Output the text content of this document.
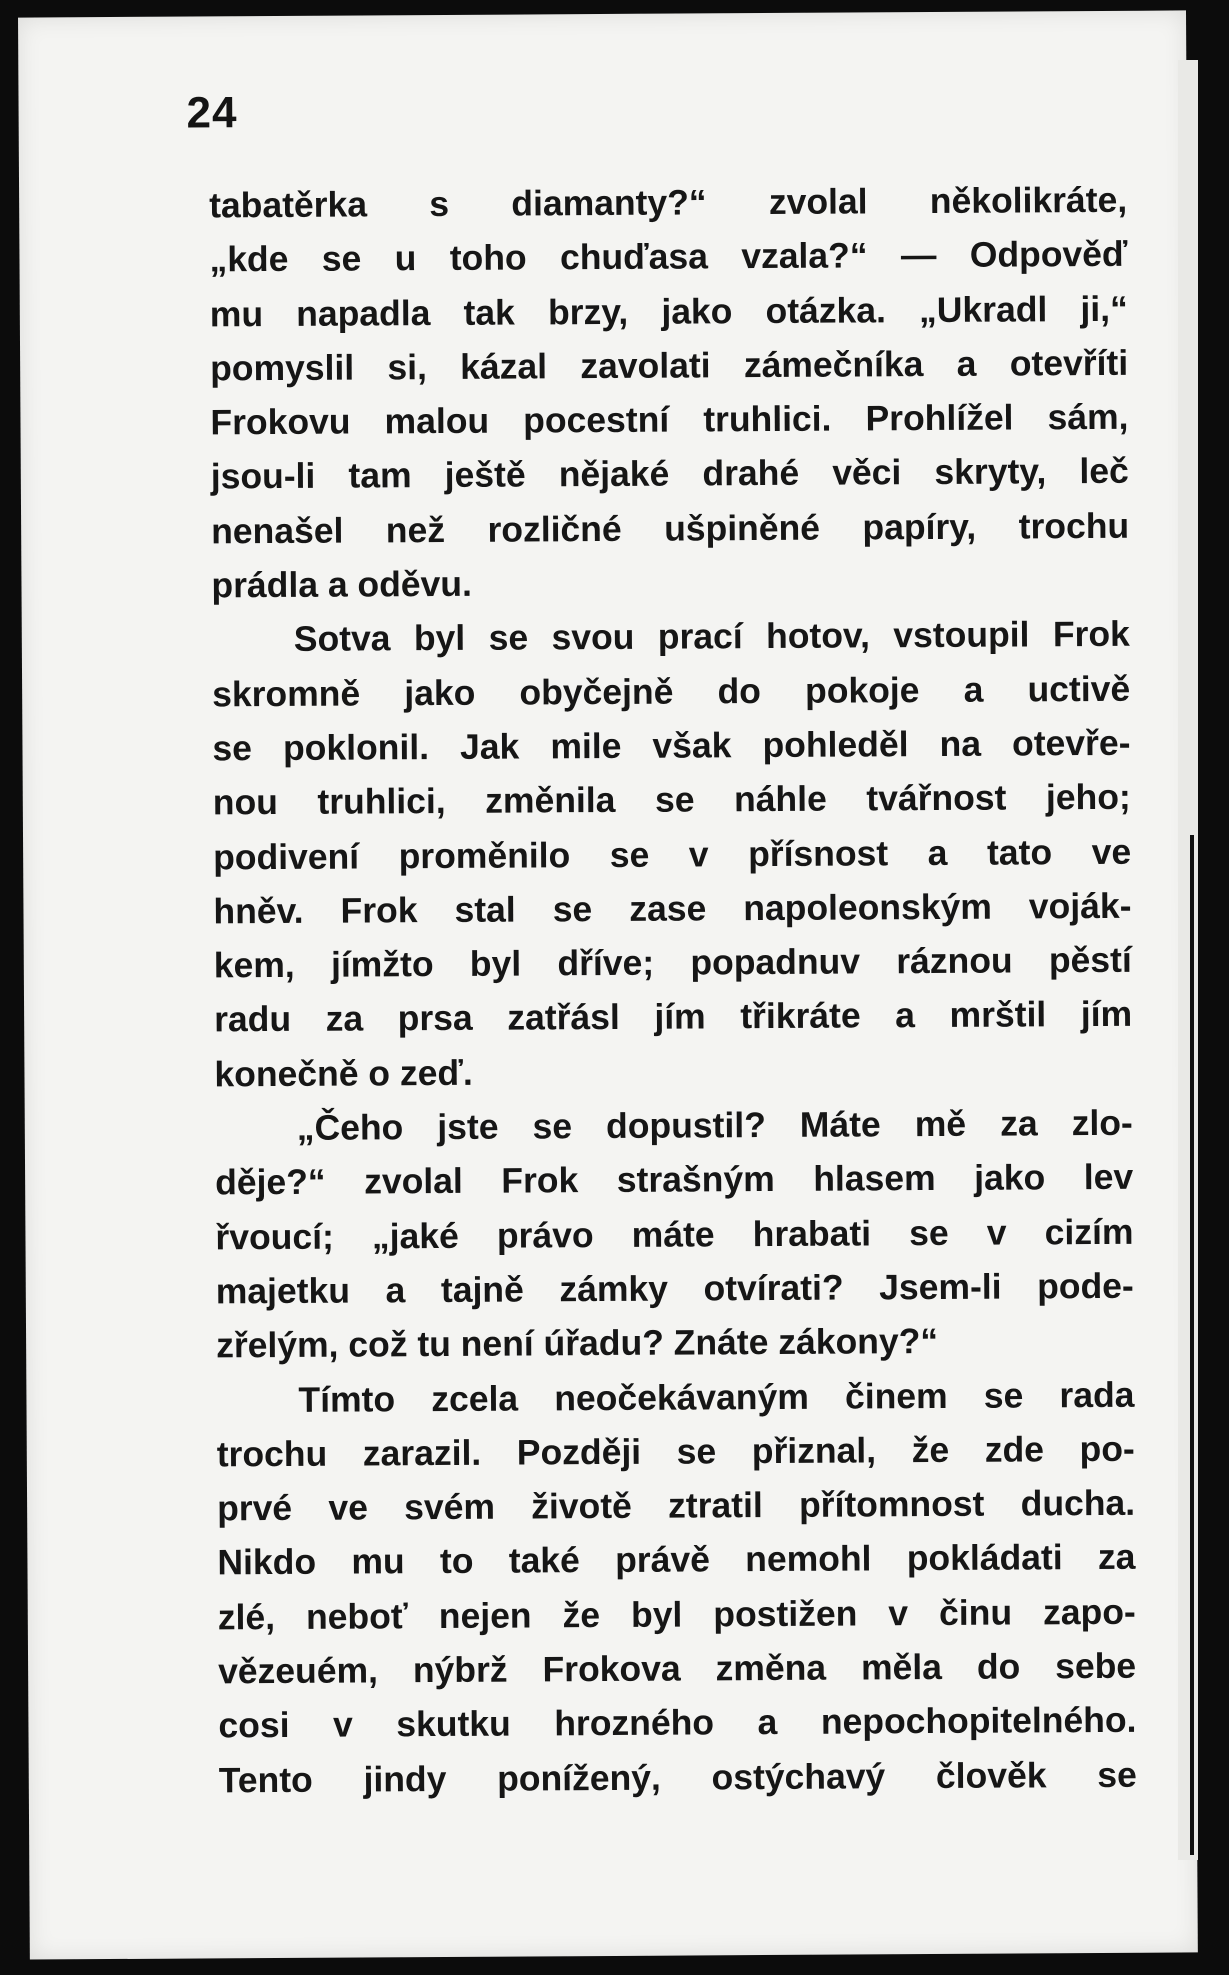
24
tabatěrka s diamanty?“ zvolal několikráte,
„kde se u toho chuďasa vzala?“ — Odpověď
mu napadla tak brzy, jako otázka. „Ukradl ji,“
pomyslil si, kázal zavolati zámečníka a otevříti
Frokovu malou pocestní truhlici. Prohlížel sám,
jsou-li tam ještě nějaké drahé věci skryty, leč
nenašel než rozličné ušpiněné papíry, trochu
prádla a oděvu.
Sotva byl se svou prací hotov, vstoupil Frok
skromně jako obyčejně do pokoje a uctivě
se poklonil. Jak mile však pohleděl na otevře-
nou truhlici, změnila se náhle tvářnost jeho;
podivení proměnilo se v přísnost a tato ve
hněv. Frok stal se zase napoleonským voják-
kem, jímžto byl dříve; popadnuv ráznou pěstí
radu za prsa zatřásl jím třikráte a mrštil jím
konečně o zeď.
„Čeho jste se dopustil? Máte mě za zlo-
děje?“ zvolal Frok strašným hlasem jako lev
řvoucí; „jaké právo máte hrabati se v cizím
majetku a tajně zámky otvírati? Jsem-li pode-
zřelým, což tu není úřadu? Znáte zákony?“
Tímto zcela neočekávaným činem se rada
trochu zarazil. Později se přiznal, že zde po-
prvé ve svém životě ztratil přítomnost ducha.
Nikdo mu to také právě nemohl pokládati za
zlé, neboť nejen že byl postižen v činu zapo-
vězeuém, nýbrž Frokova změna měla do sebe
cosi v skutku hrozného a nepochopitelného.
Tento jindy ponížený, ostýchavý člověk se
